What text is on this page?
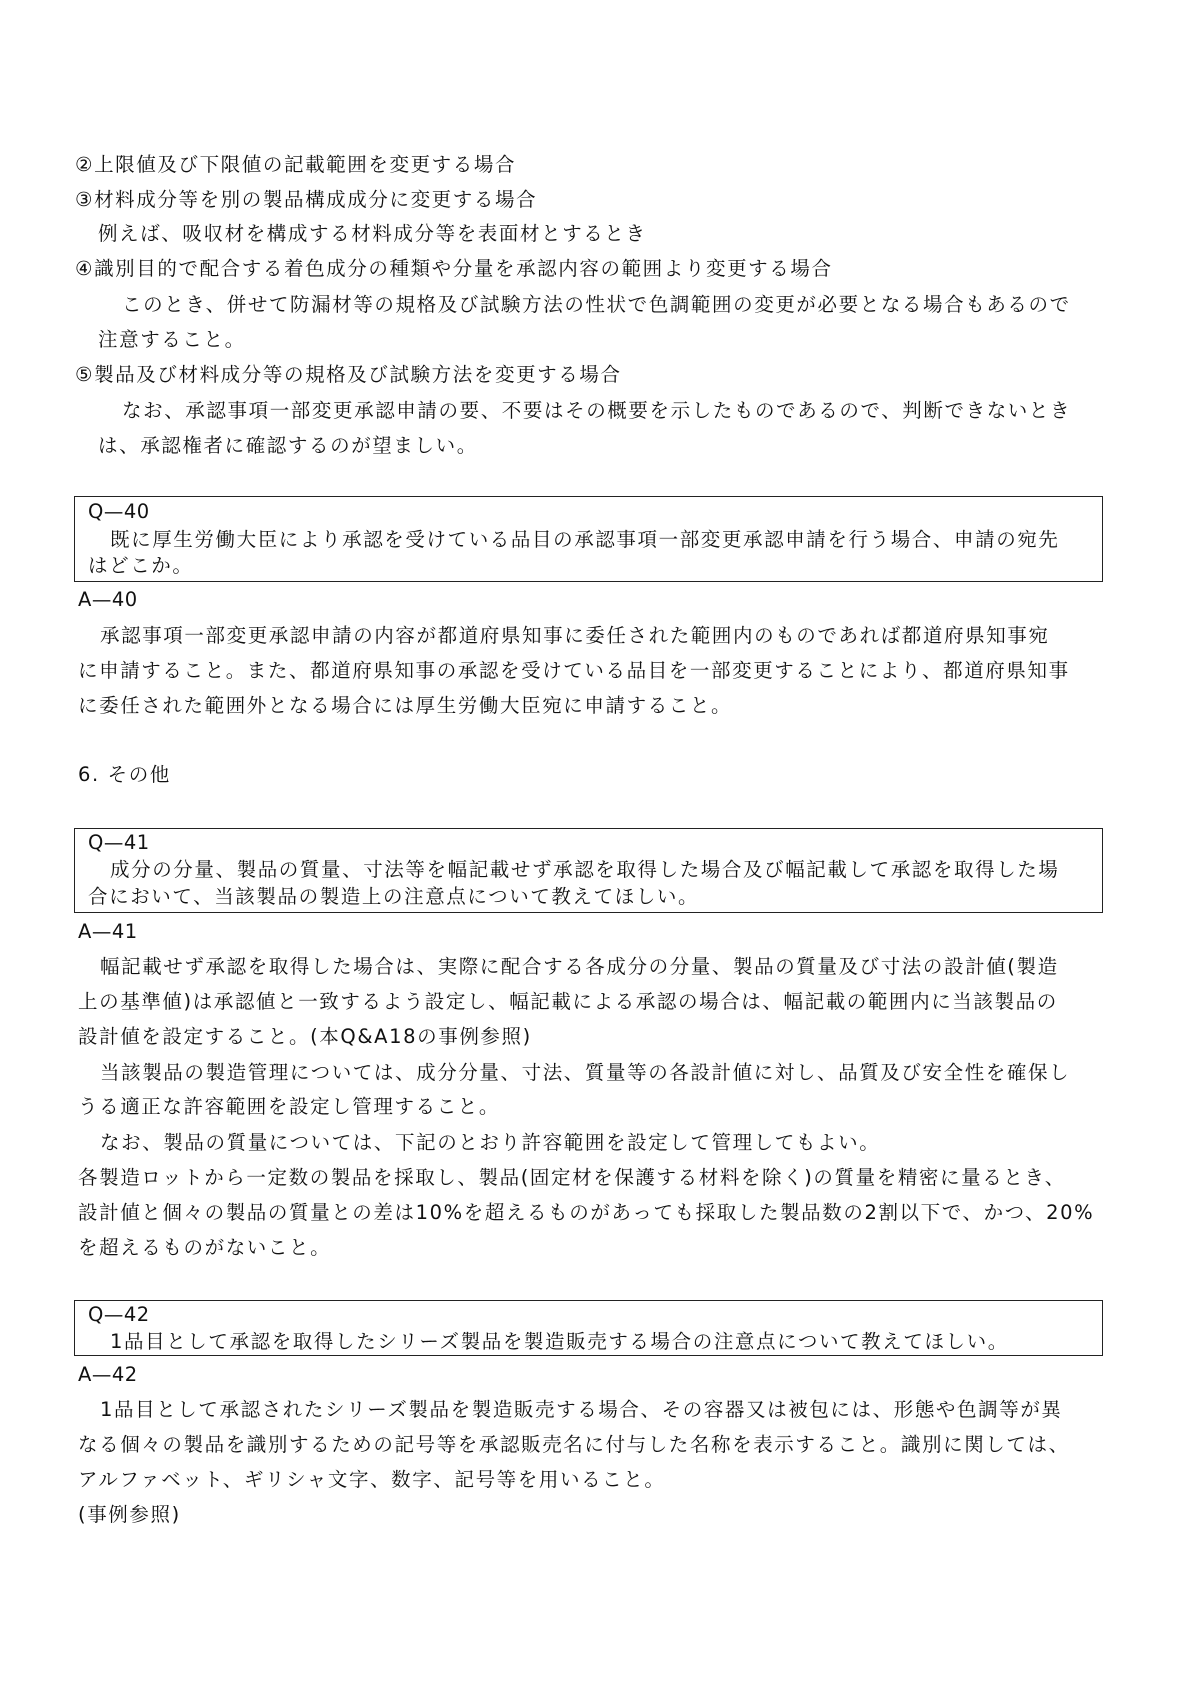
②上限値及び下限値の記載範囲を変更する場合
③材料成分等を別の製品構成成分に変更する場合
例えば、吸収材を構成する材料成分等を表面材とするとき
④識別目的で配合する着色成分の種類や分量を承認内容の範囲より変更する場合
このとき、併せて防漏材等の規格及び試験方法の性状で色調範囲の変更が必要となる場合もあるので
注意すること。
⑤製品及び材料成分等の規格及び試験方法を変更する場合
なお、承認事項一部変更承認申請の要、不要はその概要を示したものであるので、判断できないとき
は、承認権者に確認するのが望ましい。
Q—40
既に厚生労働大臣により承認を受けている品目の承認事項一部変更承認申請を行う場合、申請の宛先
はどこか。
A—40
承認事項一部変更承認申請の内容が都道府県知事に委任された範囲内のものであれば都道府県知事宛
に申請すること。また、都道府県知事の承認を受けている品目を一部変更することにより、都道府県知事
に委任された範囲外となる場合には厚生労働大臣宛に申請すること。
6. その他
Q—41
成分の分量、製品の質量、寸法等を幅記載せず承認を取得した場合及び幅記載して承認を取得した場
合において、当該製品の製造上の注意点について教えてほしい。
A—41
幅記載せず承認を取得した場合は、実際に配合する各成分の分量、製品の質量及び寸法の設計値(製造
上の基準値)は承認値と一致するよう設定し、幅記載による承認の場合は、幅記載の範囲内に当該製品の
設計値を設定すること。(本Q&A18の事例参照)
当該製品の製造管理については、成分分量、寸法、質量等の各設計値に対し、品質及び安全性を確保し
うる適正な許容範囲を設定し管理すること。
なお、製品の質量については、下記のとおり許容範囲を設定して管理してもよい。
各製造ロットから一定数の製品を採取し、製品(固定材を保護する材料を除く)の質量を精密に量るとき、
設計値と個々の製品の質量との差は10%を超えるものがあっても採取した製品数の2割以下で、かつ、20%
を超えるものがないこと。
Q—42
1品目として承認を取得したシリーズ製品を製造販売する場合の注意点について教えてほしい。
A—42
1品目として承認されたシリーズ製品を製造販売する場合、その容器又は被包には、形態や色調等が異
なる個々の製品を識別するための記号等を承認販売名に付与した名称を表示すること。識別に関しては、
アルファベット、ギリシャ文字、数字、記号等を用いること。
(事例参照)
